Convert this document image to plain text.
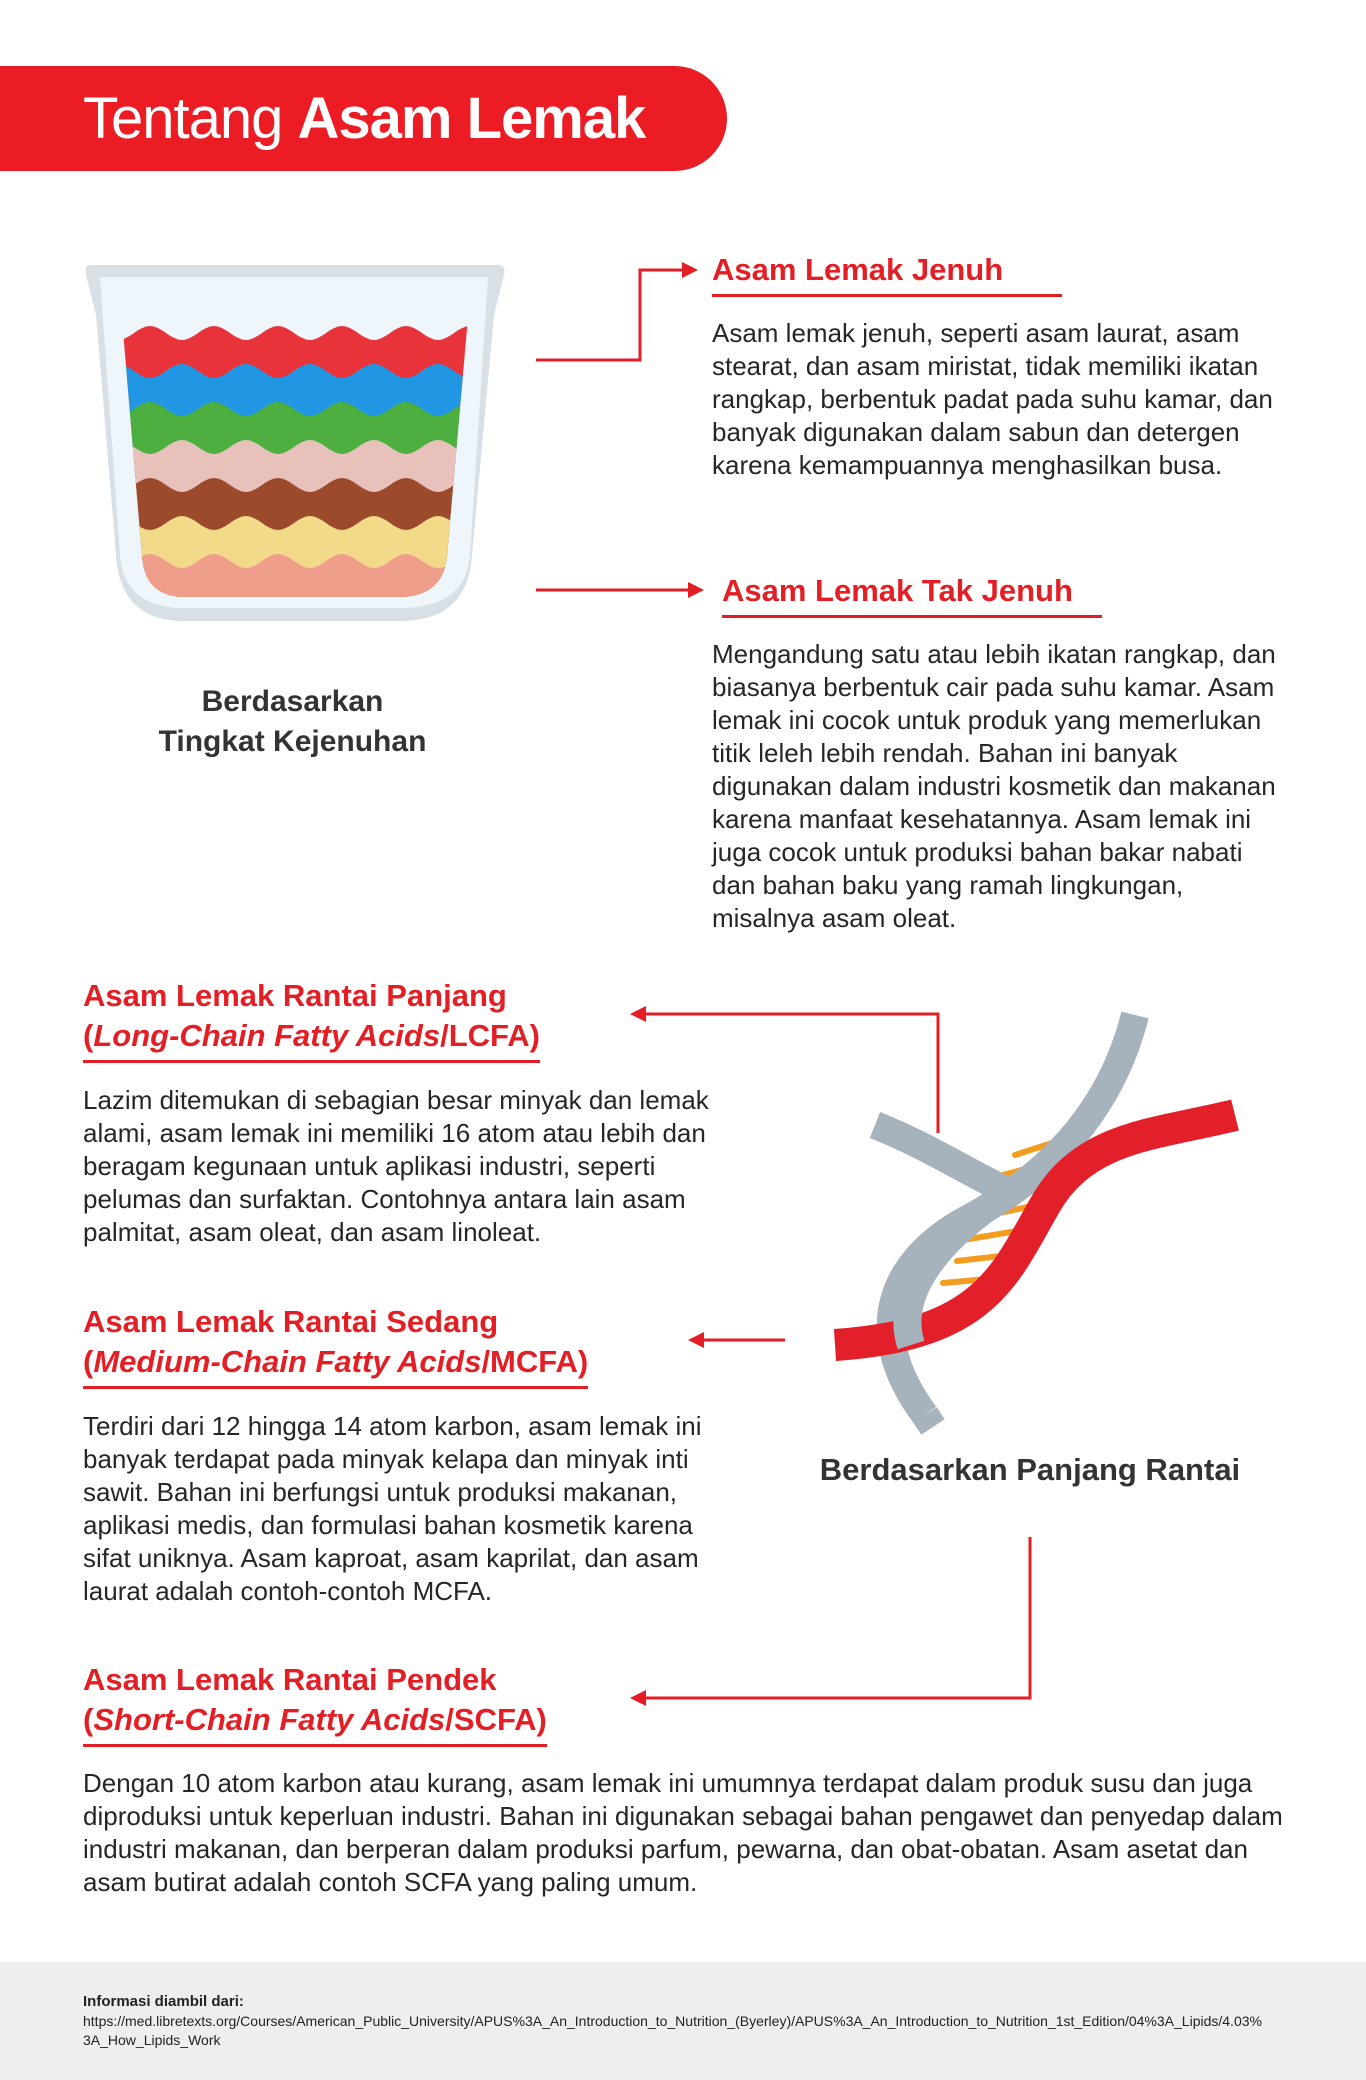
Tentang Asam Lemak
Berdasarkan
Tingkat Kejenuhan
Asam Lemak Jenuh

Asam lemak jenuh, seperti asam laurat, asam stearat, dan asam miristat, tidak memiliki ikatan rangkap, berbentuk padat pada suhu kamar, dan banyak digunakan dalam sabun dan detergen karena kemampuannya menghasilkan busa.

Asam Lemak Tak Jenuh

Mengandung satu atau lebih ikatan rangkap, dan biasanya berbentuk cair pada suhu kamar. Asam lemak ini cocok untuk produk yang memerlukan titik leleh lebih rendah. Bahan ini banyak digunakan dalam industri kosmetik dan makanan karena manfaat kesehatannya. Asam lemak ini juga cocok untuk produksi bahan bakar nabati dan bahan baku yang ramah lingkungan, misalnya asam oleat.

Asam Lemak Rantai Panjang
(Long-Chain Fatty Acids/LCFA)

Lazim ditemukan di sebagian besar minyak dan lemak alami, asam lemak ini memiliki 16 atom atau lebih dan beragam kegunaan untuk aplikasi industri, seperti pelumas dan surfaktan. Contohnya antara lain asam palmitat, asam oleat, dan asam linoleat.

Asam Lemak Rantai Sedang
(Medium-Chain Fatty Acids/MCFA)

Terdiri dari 12 hingga 14 atom karbon, asam lemak ini banyak terdapat pada minyak kelapa dan minyak inti sawit. Bahan ini berfungsi untuk produksi makanan, aplikasi medis, dan formulasi bahan kosmetik karena sifat uniknya. Asam kaproat, asam kaprilat, dan asam laurat adalah contoh-contoh MCFA.

Asam Lemak Rantai Pendek
(Short-Chain Fatty Acids/SCFA)

Dengan 10 atom karbon atau kurang, asam lemak ini umumnya terdapat dalam produk susu dan juga diproduksi untuk keperluan industri. Bahan ini digunakan sebagai bahan pengawet dan penyedap dalam industri makanan, dan berperan dalam produksi parfum, pewarna, dan obat-obatan. Asam asetat dan asam butirat adalah contoh SCFA yang paling umum.

Berdasarkan Panjang Rantai
Informasi diambil dari:
https://med.libretexts.org/Courses/American_Public_University/APUS%3A_An_Introduction_to_Nutrition_(Byerley)/APUS%3A_An_Introduction_to_Nutrition_1st_Edition/04%3A_Lipids/4.03%3A_How_Lipids_Work
